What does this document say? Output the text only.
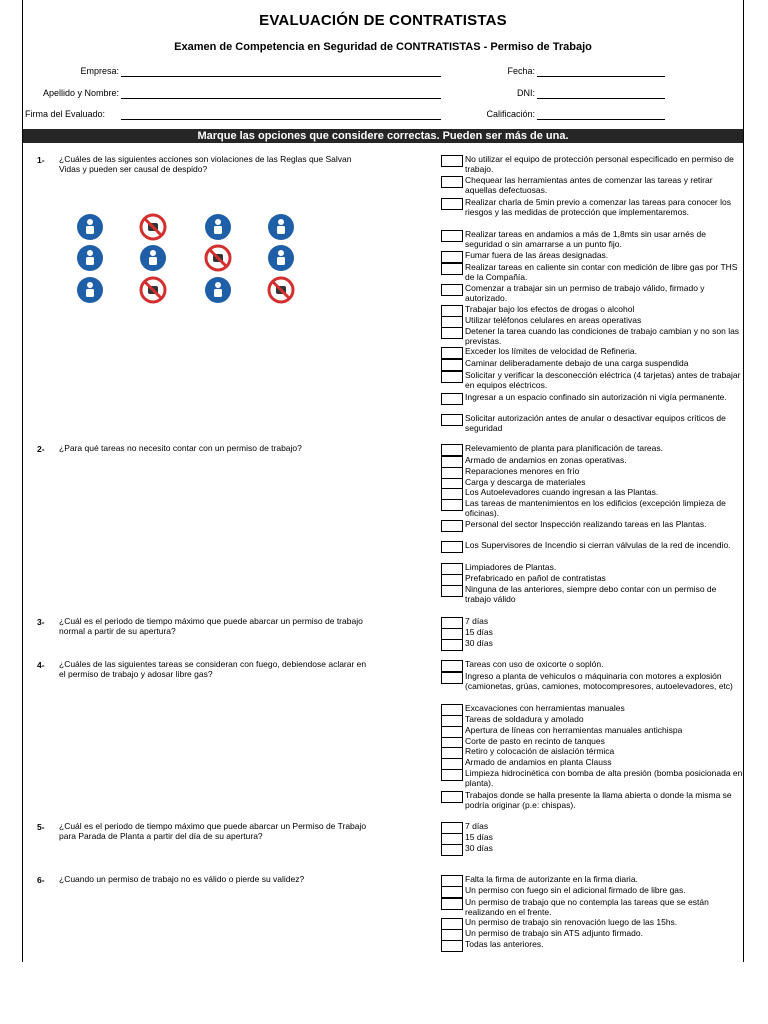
EVALUACIÓN DE CONTRATISTAS
Examen de Competencia en Seguridad de CONTRATISTAS - Permiso de Trabajo
Empresa:	Fecha:
Apellido y Nombre:	DNI:
Firma del Evaluado:	Calificación:
Marque las opciones que considere correctas. Pueden ser más de una.
1- ¿Cuáles de las siguientes acciones son violaciones de las Reglas que Salvan Vidas y pueden ser causal de despido?
No utilizar el equipo de protección personal especificado en permiso de trabajo.
Chequear las herramientas antes de comenzar las tareas y retirar aquellas defectuosas.
Realizar charla de 5min previo a comenzar las tareas para conocer los riesgos y las medidas de protección que implementaremos.
Realizar tareas en andamios a más de 1,8mts sin usar arnés de seguridad o sin amarrarse a un punto fijo.
Fumar fuera de las áreas designadas.
Realizar tareas en caliente sin contar con medición de libre gas por THS de la Compañía.
Comenzar a trabajar sin un permiso de trabajo válido, firmado y autorizado.
Trabajar bajo los efectos de drogas o alcohol
Utilizar teléfonos celulares en areas operativas
Detener la tarea cuando las condiciones de trabajo cambian y no son las previstas.
Exceder los límites de velocidad de Refineria.
Caminar deliberadamente debajo de una carga suspendida
Solicitar y verificar la desconección eléctrica (4 tarjetas) antes de trabajar en equipos eléctricos.
Ingresar a un espacio confinado sin autorización ni vigía permanente.
Solicitar autorización antes de anular o desactivar equipos críticos de seguridad
2- ¿Para qué tareas no necesito contar con un permiso de trabajo?	Relevamiento de planta para planificación de tareas.
Armado de andamios en zonas operativas.
Reparaciones menores en frío
Carga y descarga de materiales
Los Autoelevadores cuando ingresan a las Plantas.
Las tareas de mantenimientos en los edificios (excepción limpieza de oficinas).
Personal del sector Inspección realizando tareas en las Plantas.
Los Supervisores de Incendio si cierran válvulas de la red de incendio.
Limpiadores de Plantas.
Prefabricado en pañol de contratistas
Ninguna de las anteriores, siempre debo contar con un permiso de trabajo válido
3- ¿Cuál es el periodo de tiempo máximo que puede abarcar un permiso de trabajo normal a partir de su apertura?
7 días
15 días
30 días
4- ¿Cuáles de las siguientes tareas se consideran con fuego, debiendose aclarar en el permiso de trabajo y adosar libre gas?
Tareas con uso de oxicorte o soplón.
Ingreso a planta de vehiculos o máquinaria con motores a explosión (camionetas, grúas, camiones, motocompresores, autoelevadores, etc)
Excavaciones con herramientas manuales
Tareas de soldadura y amolado
Apertura de líneas con herramientas manuales antichispa
Corte de pasto en recinto de tanques
Retiro y colocación de aislación térmica
Armado de andamios en planta Clauss
Limpieza hidrocinética con bomba de alta presión (bomba posicionada en planta).
Trabajos donde se halla presente la llama abierta o donde la misma se podría originar (p.e: chispas).
5- ¿Cuál es el periodo de tiempo máximo que puede abarcar un Permiso de Trabajo para Parada de Planta a partir del día de su apertura?
7 días
15 días
30 días
6- ¿Cuando un permiso de trabajo no es válido o pierde su validez?	Falta la firma de autorizante en la firma diaria.
Un permiso con fuego sin el adicional firmado de libre gas.
Un permiso de trabajo que no contempla las tareas que se están realizando en el frente.
Un permiso de trabajo sin renovación luego de las 15hs.
Un permiso de trabajo sin ATS adjunto firmado.
Todas las anteriores.
